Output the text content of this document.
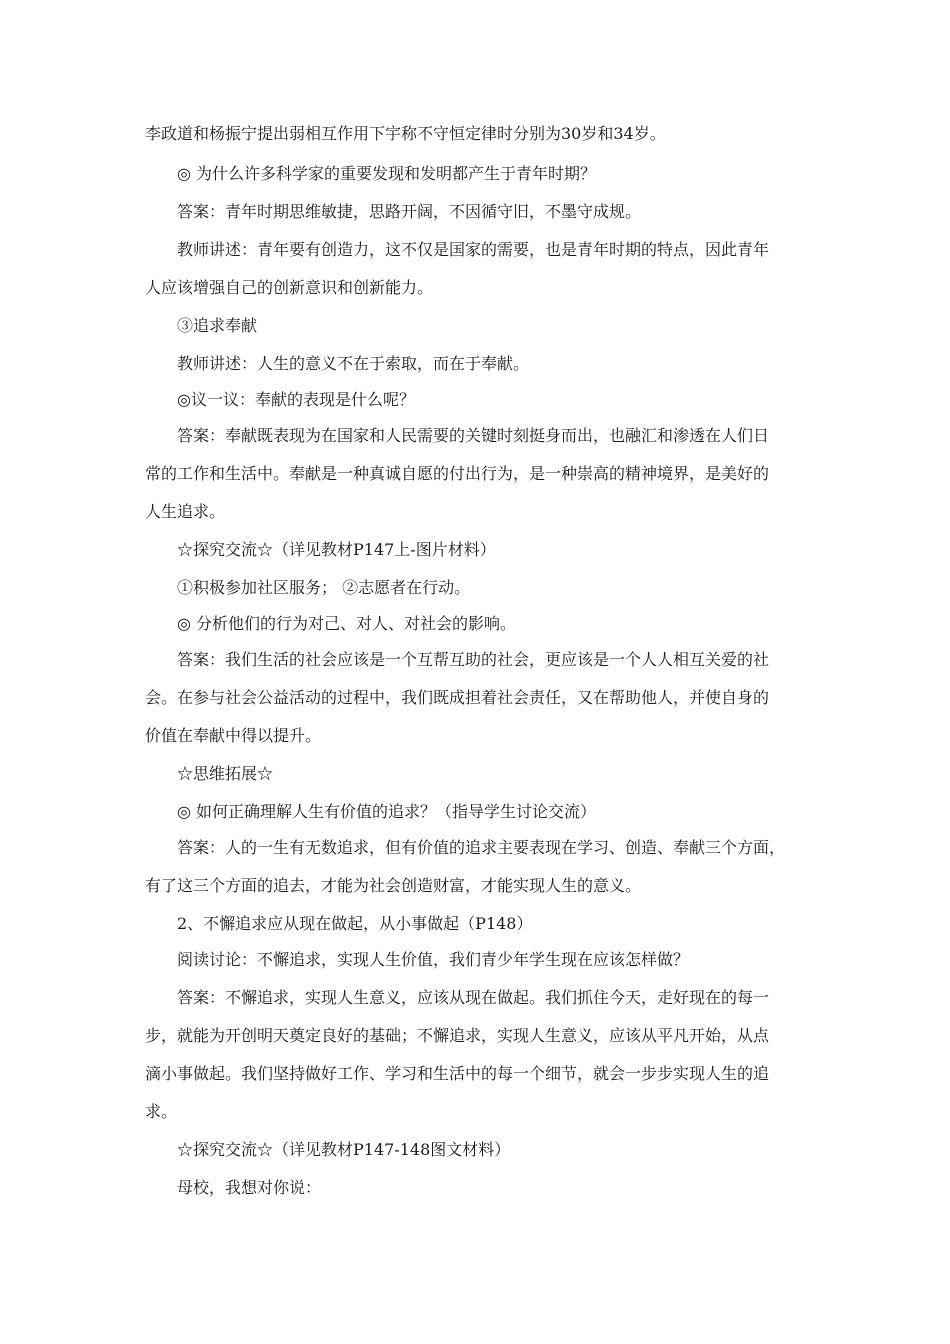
李政道和杨振宁提出弱相互作用下宇称不守恒定律时分别为30岁和34岁。
◎ 为什么许多科学家的重要发现和发明都产生于青年时期？
答案：青年时期思维敏捷，思路开阔，不因循守旧，不墨守成规。
教师讲述：青年要有创造力，这不仅是国家的需要，也是青年时期的特点，因此青年
人应该增强自己的创新意识和创新能力。
③追求奉献
教师讲述：人生的意义不在于索取，而在于奉献。
◎议一议：奉献的表现是什么呢？
答案：奉献既表现为在国家和人民需要的关键时刻挺身而出，也融汇和渗透在人们日
常的工作和生活中。奉献是一种真诚自愿的付出行为，是一种崇高的精神境界，是美好的
人生追求。
☆探究交流☆（详见教材P147上-图片材料）
①积极参加社区服务； ②志愿者在行动。
◎ 分析他们的行为对己、对人、对社会的影响。
答案：我们生活的社会应该是一个互帮互助的社会，更应该是一个人人相互关爱的社
会。在参与社会公益活动的过程中，我们既成担着社会责任，又在帮助他人，并使自身的
价值在奉献中得以提升。
☆思维拓展☆
◎ 如何正确理解人生有价值的追求？（指导学生讨论交流）
答案：人的一生有无数追求，但有价值的追求主要表现在学习、创造、奉献三个方面，
有了这三个方面的追去，才能为社会创造财富，才能实现人生的意义。
2、不懈追求应从现在做起，从小事做起（P148）
阅读讨论：不懈追求，实现人生价值，我们青少年学生现在应该怎样做？
答案：不懈追求，实现人生意义，应该从现在做起。我们抓住今天，走好现在的每一
步，就能为开创明天奠定良好的基础；不懈追求，实现人生意义，应该从平凡开始，从点
滴小事做起。我们坚持做好工作、学习和生活中的每一个细节，就会一步步实现人生的追
求。
☆探究交流☆（详见教材P147-148图文材料）
母校，我想对你说：
